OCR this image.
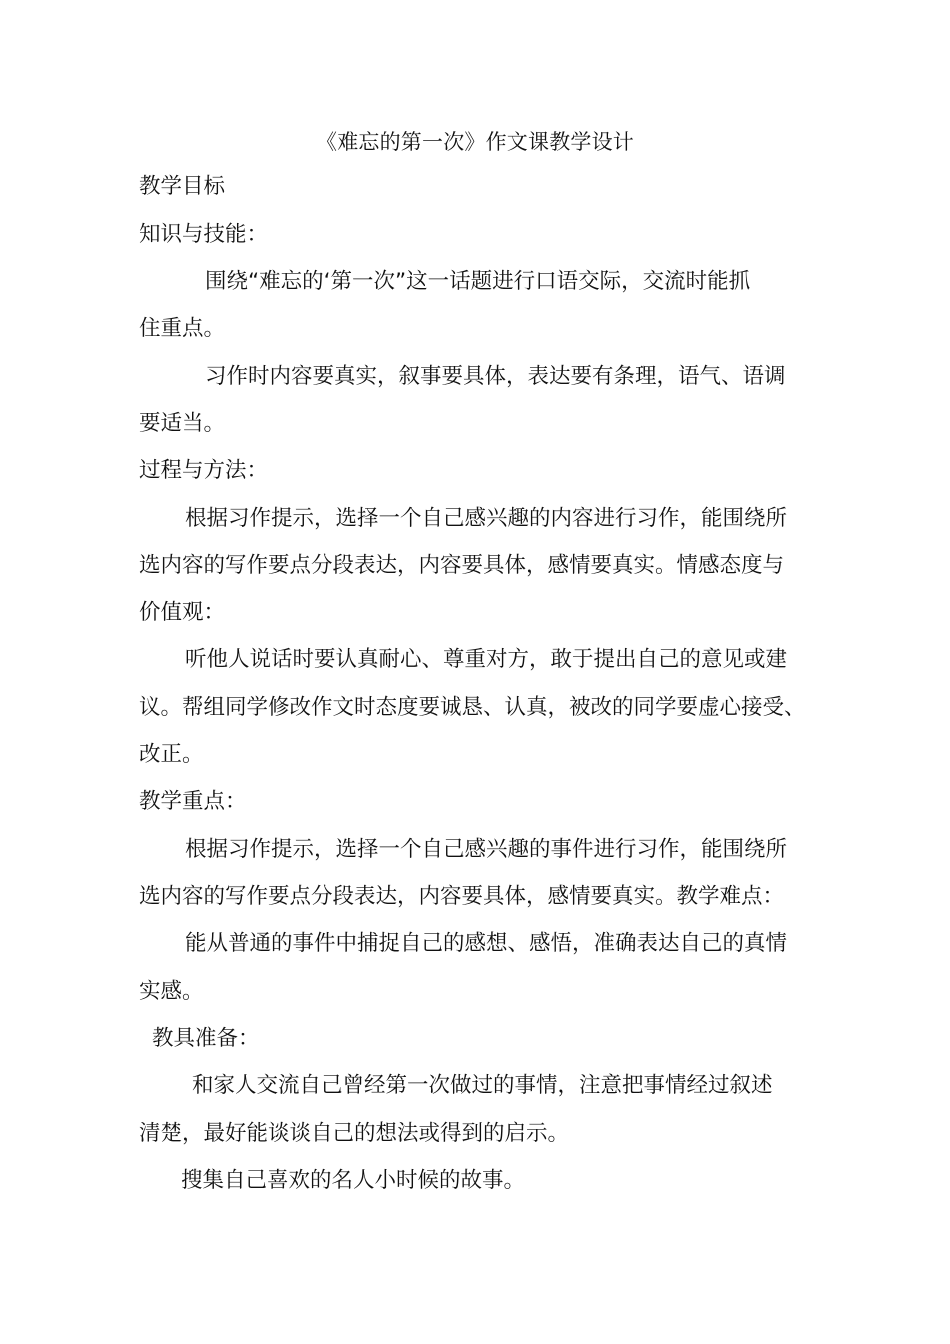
《难忘的第一次》作文课教学设计
教学目标
知识与技能：
围绕“难忘的‘第一次”这一话题进行口语交际，交流时能抓
住重点。
习作时内容要真实，叙事要具体，表达要有条理，语气、语调
要适当。
过程与方法：
根据习作提示，选择一个自己感兴趣的内容进行习作，能围绕所
选内容的写作要点分段表达，内容要具体，感情要真实。情感态度与
价值观：
听他人说话时要认真耐心、尊重对方，敢于提出自己的意见或建
议。帮组同学修改作文时态度要诚恳、认真，被改的同学要虚心接受、
改正。
教学重点：
根据习作提示，选择一个自己感兴趣的事件进行习作，能围绕所
选内容的写作要点分段表达，内容要具体，感情要真实。教学难点：
能从普通的事件中捕捉自己的感想、感悟，准确表达自己的真情
实感。
教具准备：
和家人交流自己曾经第一次做过的事情，注意把事情经过叙述
清楚，最好能谈谈自己的想法或得到的启示。
搜集自己喜欢的名人小时候的故事。
